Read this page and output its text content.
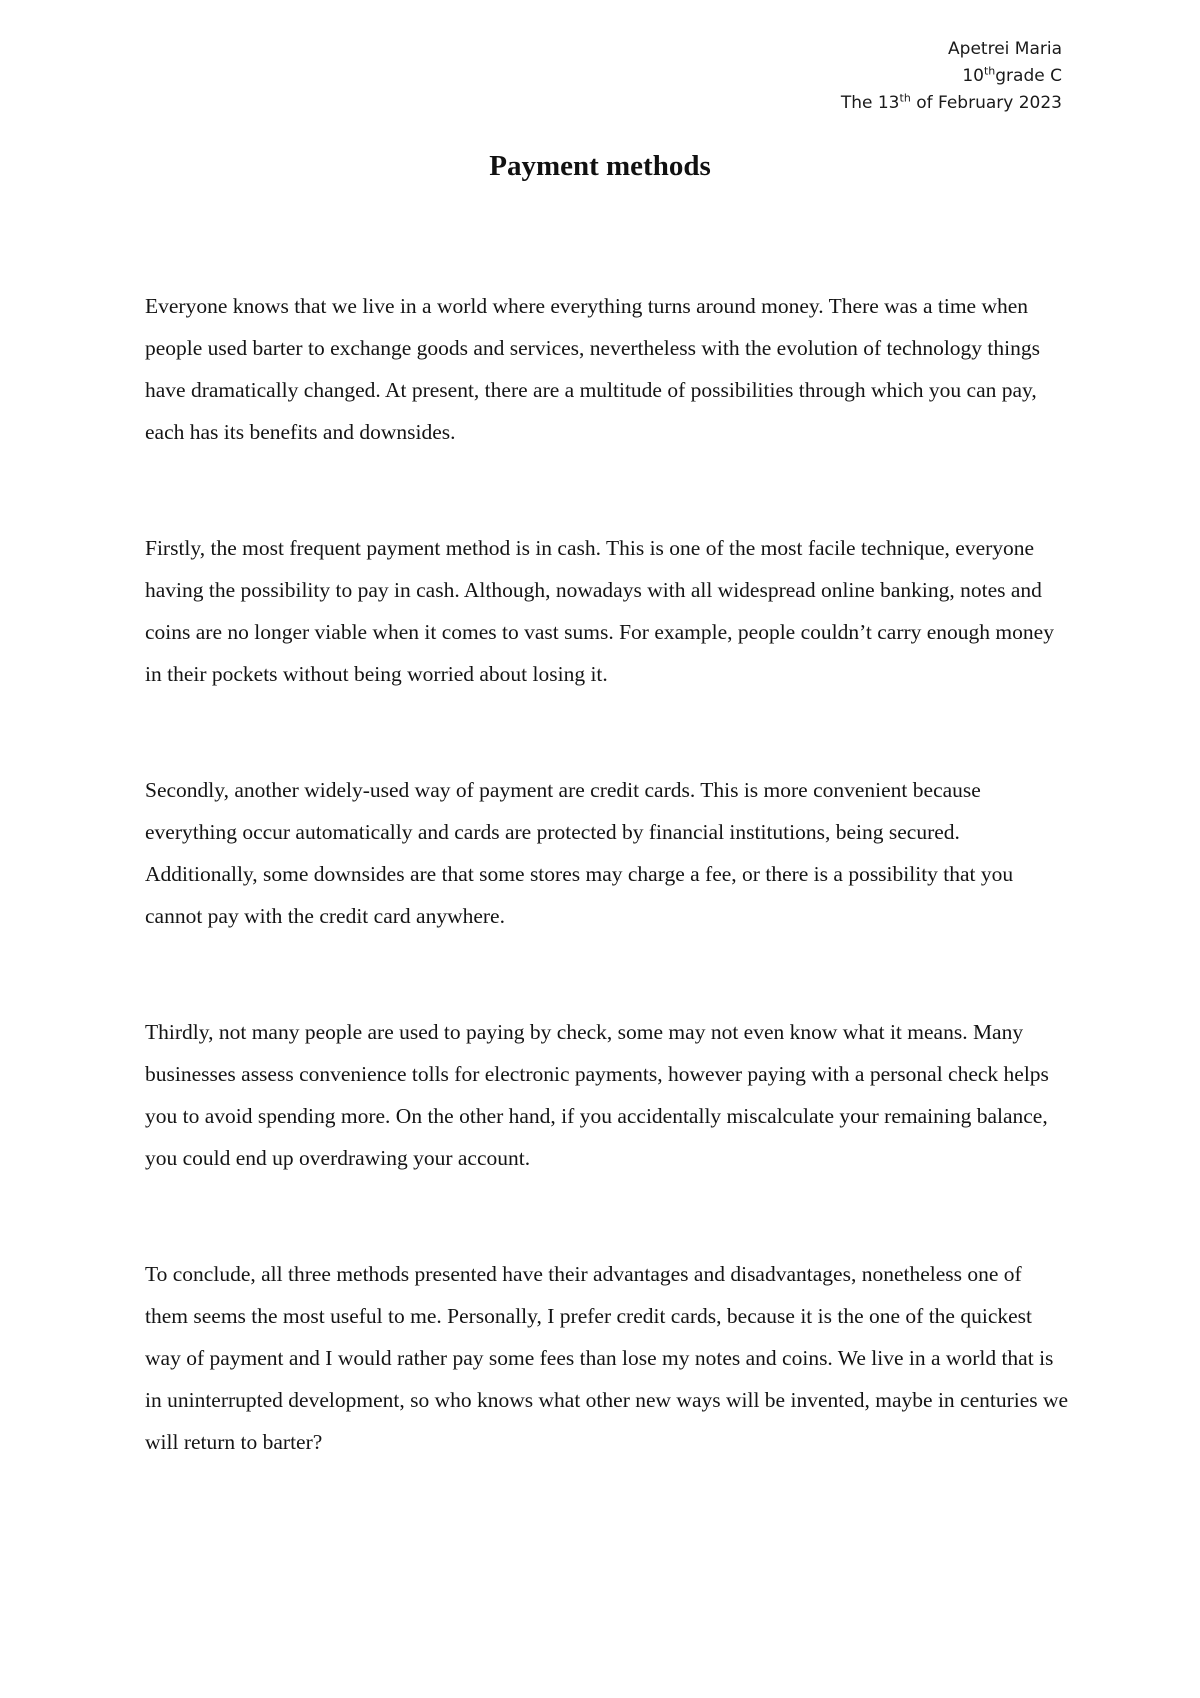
Apetrei Maria
10thgrade C
The 13th of February 2023
Payment methods

Everyone knows that we live in a world where everything turns around money. There was a time when people used barter to exchange goods and services, nevertheless with the evolution of technology things have dramatically changed. At present, there are a multitude of possibilities through which you can pay, each has its benefits and downsides.

Firstly, the most frequent payment method is in cash. This is one of the most facile technique, everyone having the possibility to pay in cash. Although, nowadays with all widespread online banking, notes and coins are no longer viable when it comes to vast sums. For example, people couldn’t carry enough money in their pockets without being worried about losing it.

Secondly, another widely-used way of payment are credit cards. This is more convenient because everything occur automatically and cards are protected by financial institutions, being secured. Additionally, some downsides are that some stores may charge a fee, or there is a possibility that you cannot pay with the credit card anywhere.

Thirdly, not many people are used to paying by check, some may not even know what it means. Many businesses assess convenience tolls for electronic payments, however paying with a personal check helps you to avoid spending more. On the other hand, if you accidentally miscalculate your remaining balance, you could end up overdrawing your account.

To conclude, all three methods presented have their advantages and disadvantages, nonetheless one of them seems the most useful to me. Personally, I prefer credit cards, because it is the one of the quickest way of payment and I would rather pay some fees than lose my notes and coins. We live in a world that is in uninterrupted development, so who knows what other new ways will be invented, maybe in centuries we will return to barter?
